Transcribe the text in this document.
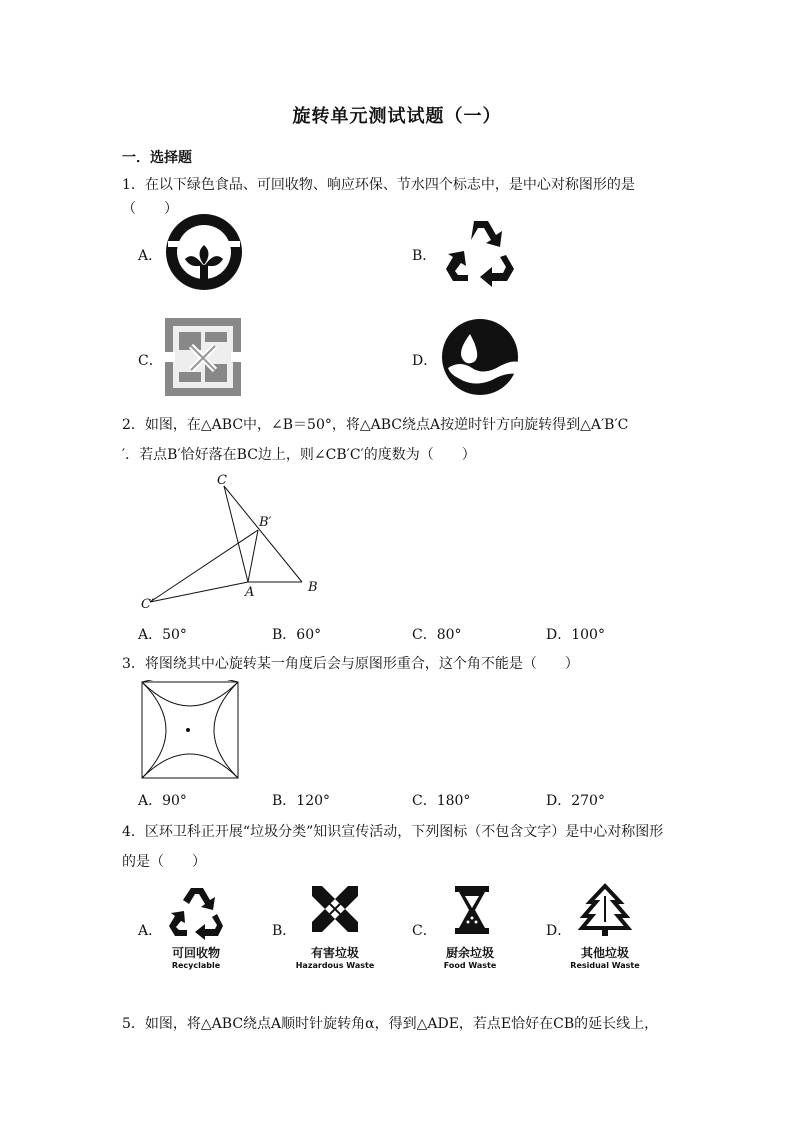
旋转单元测试试题（一）
一．选择题
1．在以下绿色食品、可回收物、响应环保、节水四个标志中，是中心对称图形的是（　　）
A．	B．
C．	D．
2．如图，在△ABC中，∠B＝50°，将△ABC绕点A按逆时针方向旋转得到△A′B′C
′．若点B′恰好落在BC边上，则∠CB′C′的度数为（　　）
C
B′
A	B
C′
A．50°	B．60°	C．80°	D．100°
3．将图绕其中心旋转某一角度后会与原图形重合，这个角不能是（　　）
A．90°	B．120°	C．180°	D．270°
4．区环卫科正开展“垃圾分类”知识宣传活动，下列图标（不包含文字）是中心对称图形
的是（　　）
A．
可回收物
Recyclable
B．
有害垃圾
Hazardous Waste
C．
厨余垃圾
Food Waste
D．
其他垃圾
Residual Waste
5．如图，将△ABC绕点A顺时针旋转角α，得到△ADE，若点E恰好在CB的延长线上，
